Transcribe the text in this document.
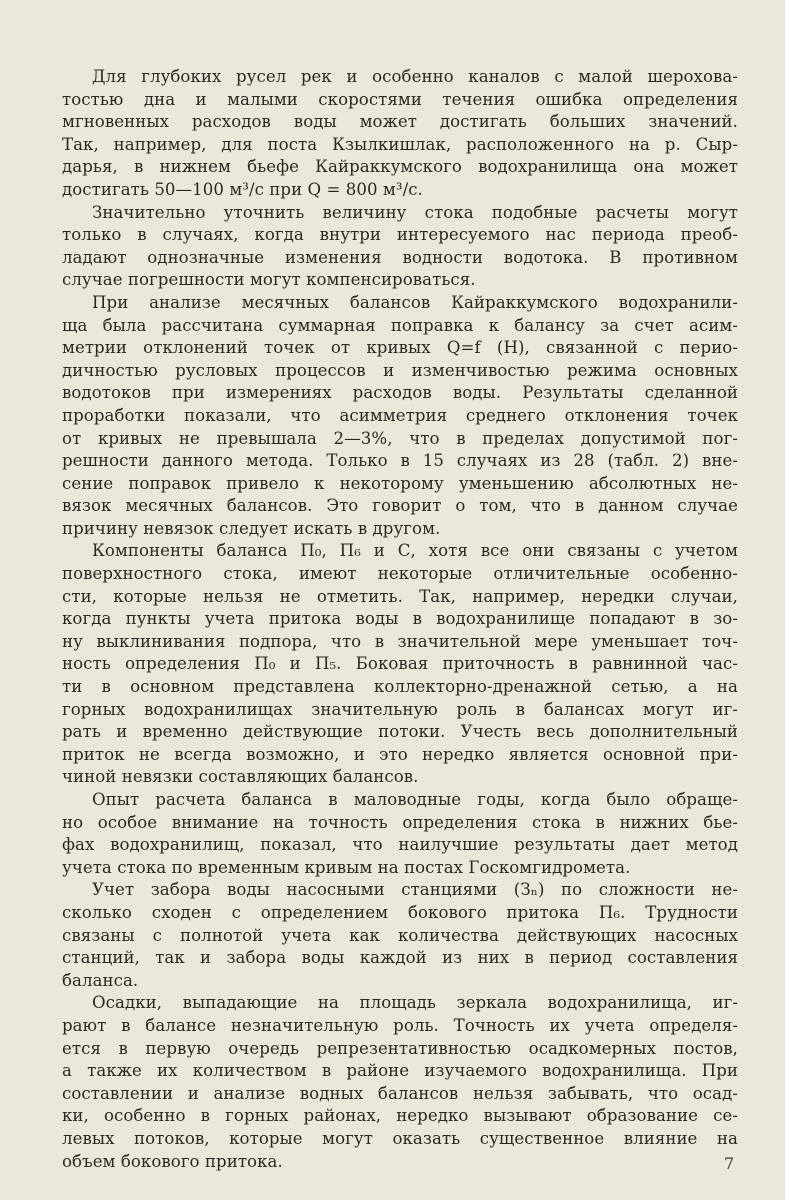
Для глубоких русел рек и особенно каналов с малой шерохова-
тостью дна и малыми скоростями течения ошибка определения
мгновенных расходов воды может достигать больших значений.
Так, например, для поста Кзылкишлак, расположенного на р. Сыр-
дарья, в нижнем бьефе Кайраккумского водохранилища она может
достигать 50—100 м³/с при Q = 800 м³/с.
Значительно уточнить величину стока подобные расчеты могут
только в случаях, когда внутри интересуемого нас периода преоб-
ладают однозначные изменения водности водотока. В противном
случае погрешности могут компенсироваться.
При анализе месячных балансов Кайраккумского водохранили-
ща была рассчитана суммарная поправка к балансу за счет асим-
метрии отклонений точек от кривых Q=f (H), связанной с перио-
дичностью русловых процессов и изменчивостью режима основных
водотоков при измерениях расходов воды. Результаты сделанной
проработки показали, что асимметрия среднего отклонения точек
от кривых не превышала 2—3%, что в пределах допустимой пог-
решности данного метода. Только в 15 случаях из 28 (табл. 2) вне-
сение поправок привело к некоторому уменьшению абсолютных не-
вязок месячных балансов. Это говорит о том, что в данном случае
причину невязок следует искать в другом.
Компоненты баланса П₀, П₆ и С, хотя все они связаны с учетом
поверхностного стока, имеют некоторые отличительные особенно-
сти, которые нельзя не отметить. Так, например, нередки случаи,
когда пункты учета притока воды в водохранилище попадают в зо-
ну выклинивания подпора, что в значительной мере уменьшает точ-
ность определения П₀ и П₅. Боковая приточность в равнинной час-
ти в основном представлена коллекторно-дренажной сетью, а на
горных водохранилищах значительную роль в балансах могут иг-
рать и временно действующие потоки. Учесть весь дополнительный
приток не всегда возможно, и это нередко является основной при-
чиной невязки составляющих балансов.
Опыт расчета баланса в маловодные годы, когда было обраще-
но особое внимание на точность определения стока в нижних бье-
фах водохранилищ, показал, что наилучшие результаты дает метод
учета стока по временным кривым на постах Госкомгидромета.
Учет забора воды насосными станциями (Зₙ) по сложности не-
сколько сходен с определением бокового притока П₆. Трудности
связаны с полнотой учета как количества действующих насосных
станций, так и забора воды каждой из них в период составления
баланса.
Осадки, выпадающие на площадь зеркала водохранилища, иг-
рают в балансе незначительную роль. Точность их учета определя-
ется в первую очередь репрезентативностью осадкомерных постов,
а также их количеством в районе изучаемого водохранилища. При
составлении и анализе водных балансов нельзя забывать, что осад-
ки, особенно в горных районах, нередко вызывают образование се-
левых потоков, которые могут оказать существенное влияние на
объем бокового притока.	7
